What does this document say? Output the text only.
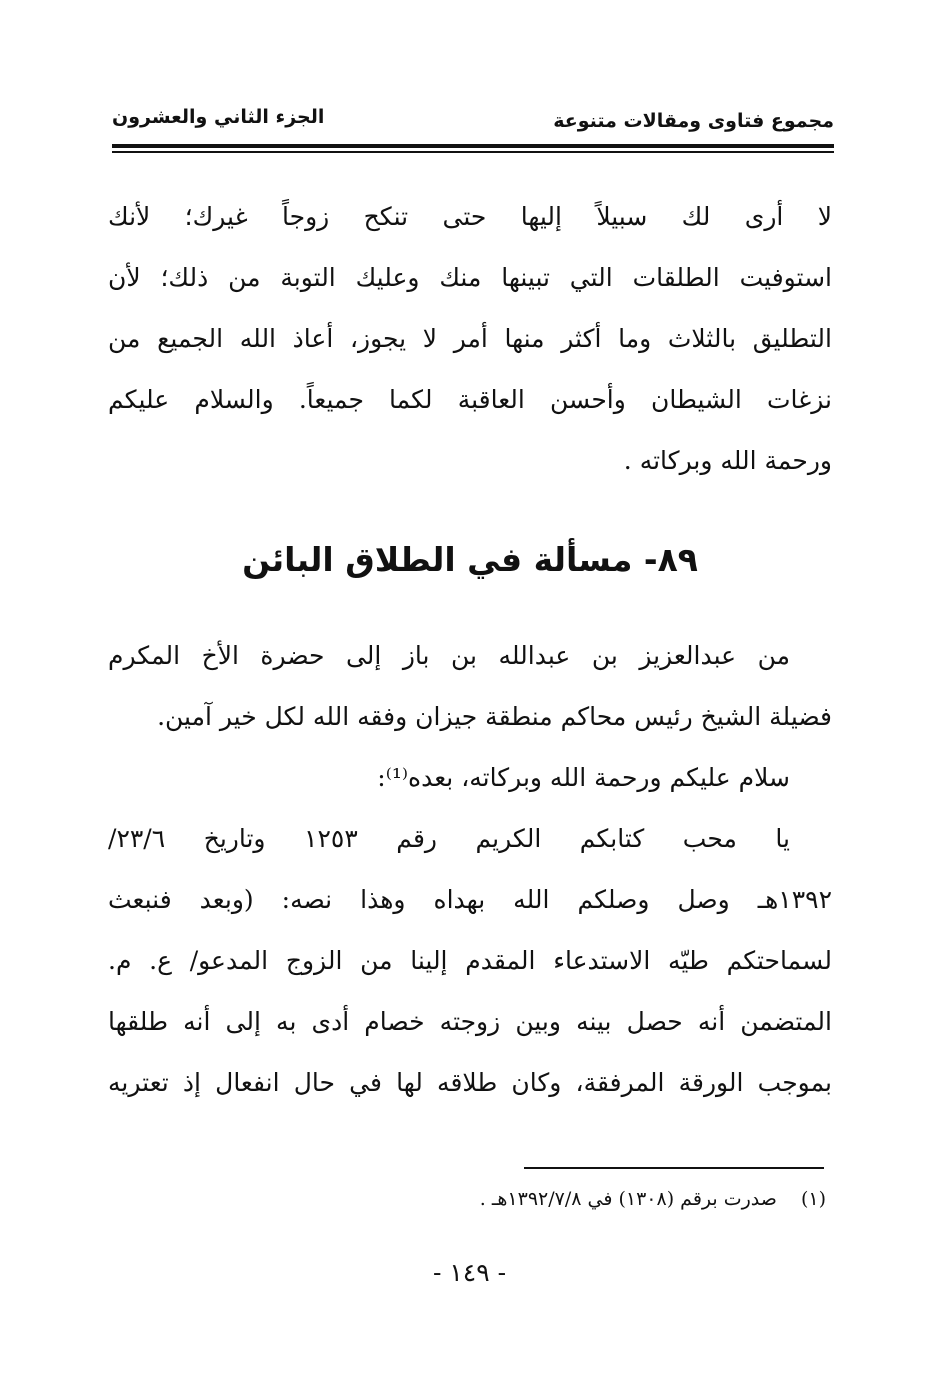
مجموع فتاوى ومقالات متنوعة
الجزء الثاني والعشرون
لا أرى لك سبيلاً إليها حتى تنكح زوجاً غيرك؛ لأنك
استوفيت الطلقات التي تبينها منك وعليك التوبة من ذلك؛ لأن
التطليق بالثلاث وما أكثر منها أمر لا يجوز، أعاذ الله الجميع من
نزغات الشيطان وأحسن العاقبة لكما جميعاً. والسلام عليكم
ورحمة الله وبركاته .
٨٩- مسألة في الطلاق البائن
من عبدالعزيز بن عبدالله بن باز إلى حضرة الأخ المكرم
فضيلة الشيخ رئيس محاكم منطقة جيزان وفقه الله لكل خير آمين.
سلام عليكم ورحمة الله وبركاته، بعده⁽¹⁾:
يا محب كتابكم الكريم رقم ١٢٥٣ وتاريخ ٢٣/٦/
١٣٩٢هـ وصل وصلكم الله بهداه وهذا نصه: (وبعد فنبعث
لسماحتكم طيّه الاستدعاء المقدم إلينا من الزوج المدعو/ ع. م.
المتضمن أنه حصل بينه وبين زوجته خصام أدى به إلى أنه طلقها
بموجب الورقة المرفقة، وكان طلاقه لها في حال انفعال إذ تعتريه
(١) صدرت برقم (١٣٠٨) في ١٣٩٢/٧/٨هـ .
- ١٤٩ -
